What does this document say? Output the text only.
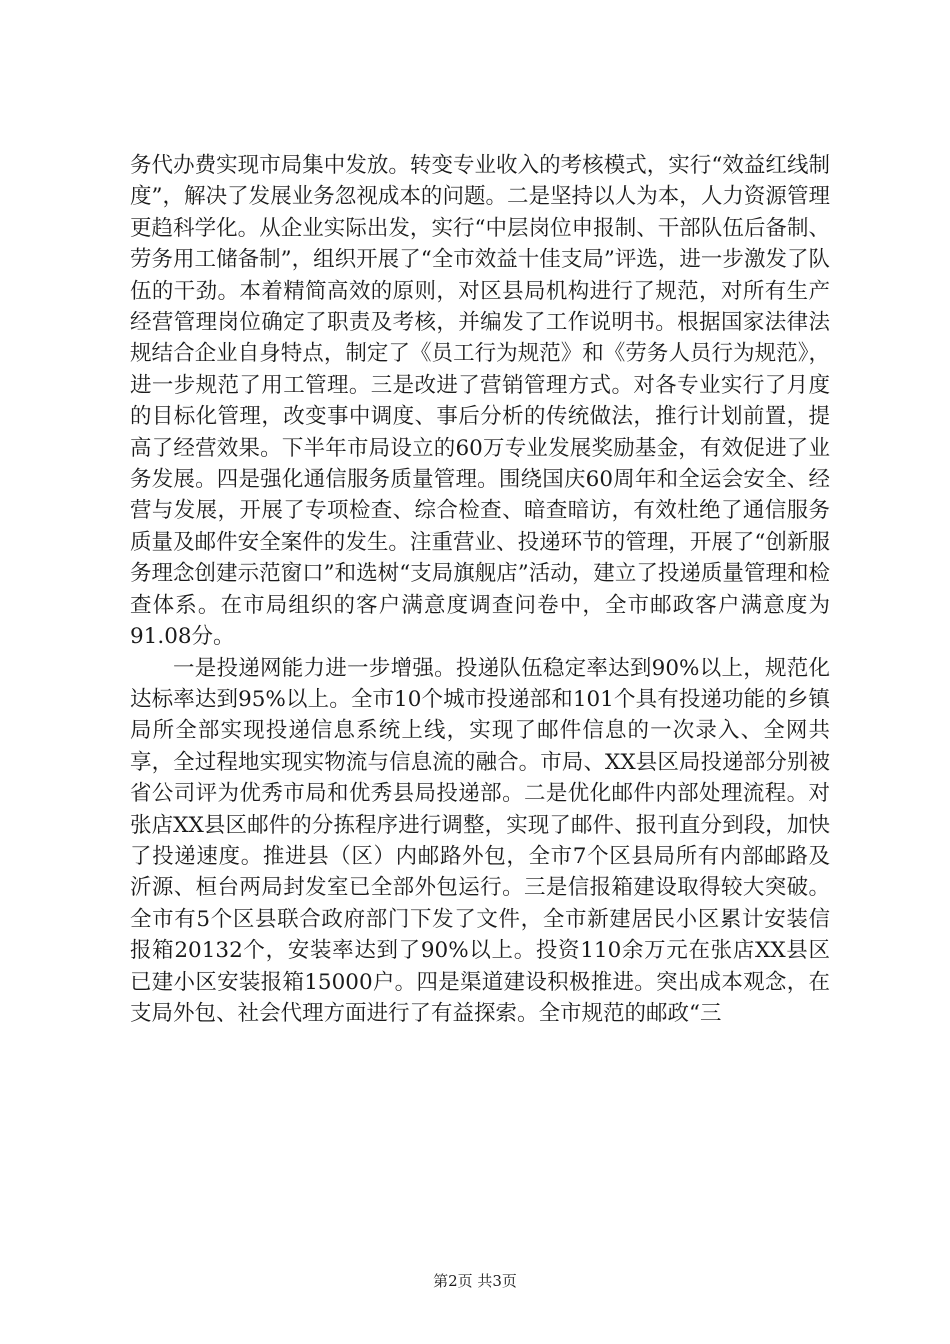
务代办费实现市局集中发放。转变专业收入的考核模式，实行“效益红线制度”，解决了发展业务忽视成本的问题。二是坚持以人为本，人力资源管理更趋科学化。从企业实际出发，实行“中层岗位申报制、干部队伍后备制、劳务用工储备制”，组织开展了“全市效益十佳支局”评选，进一步激发了队伍的干劲。本着精简高效的原则，对区县局机构进行了规范，对所有生产经营管理岗位确定了职责及考核，并编发了工作说明书。根据国家法律法规结合企业自身特点，制定了《员工行为规范》和《劳务人员行为规范》，进一步规范了用工管理。三是改进了营销管理方式。对各专业实行了月度的目标化管理，改变事中调度、事后分析的传统做法，推行计划前置，提高了经营效果。下半年市局设立的60万专业发展奖励基金，有效促进了业务发展。四是强化通信服务质量管理。围绕国庆60周年和全运会安全、经营与发展，开展了专项检查、综合检查、暗查暗访，有效杜绝了通信服务质量及邮件安全案件的发生。注重营业、投递环节的管理，开展了“创新服务理念创建示范窗口”和选树“支局旗舰店”活动，建立了投递质量管理和检查体系。在市局组织的客户满意度调查问卷中，全市邮政客户满意度为91.08分。

一是投递网能力进一步增强。投递队伍稳定率达到90%以上，规范化达标率达到95%以上。全市10个城市投递部和101个具有投递功能的乡镇局所全部实现投递信息系统上线，实现了邮件信息的一次录入、全网共享，全过程地实现实物流与信息流的融合。市局、XX县区局投递部分别被省公司评为优秀市局和优秀县局投递部。二是优化邮件内部处理流程。对张店XX县区邮件的分拣程序进行调整，实现了邮件、报刊直分到段，加快了投递速度。推进县（区）内邮路外包，全市7个区县局所有内部邮路及沂源、桓台两局封发室已全部外包运行。三是信报箱建设取得较大突破。全市有5个区县联合政府部门下发了文件，全市新建居民小区累计安装信报箱20132个，安装率达到了90%以上。投资110余万元在张店XX县区已建小区安装报箱15000户。四是渠道建设积极推进。突出成本观念，在支局外包、社会代理方面进行了有益探索。全市规范的邮政“三

第2页 共3页
